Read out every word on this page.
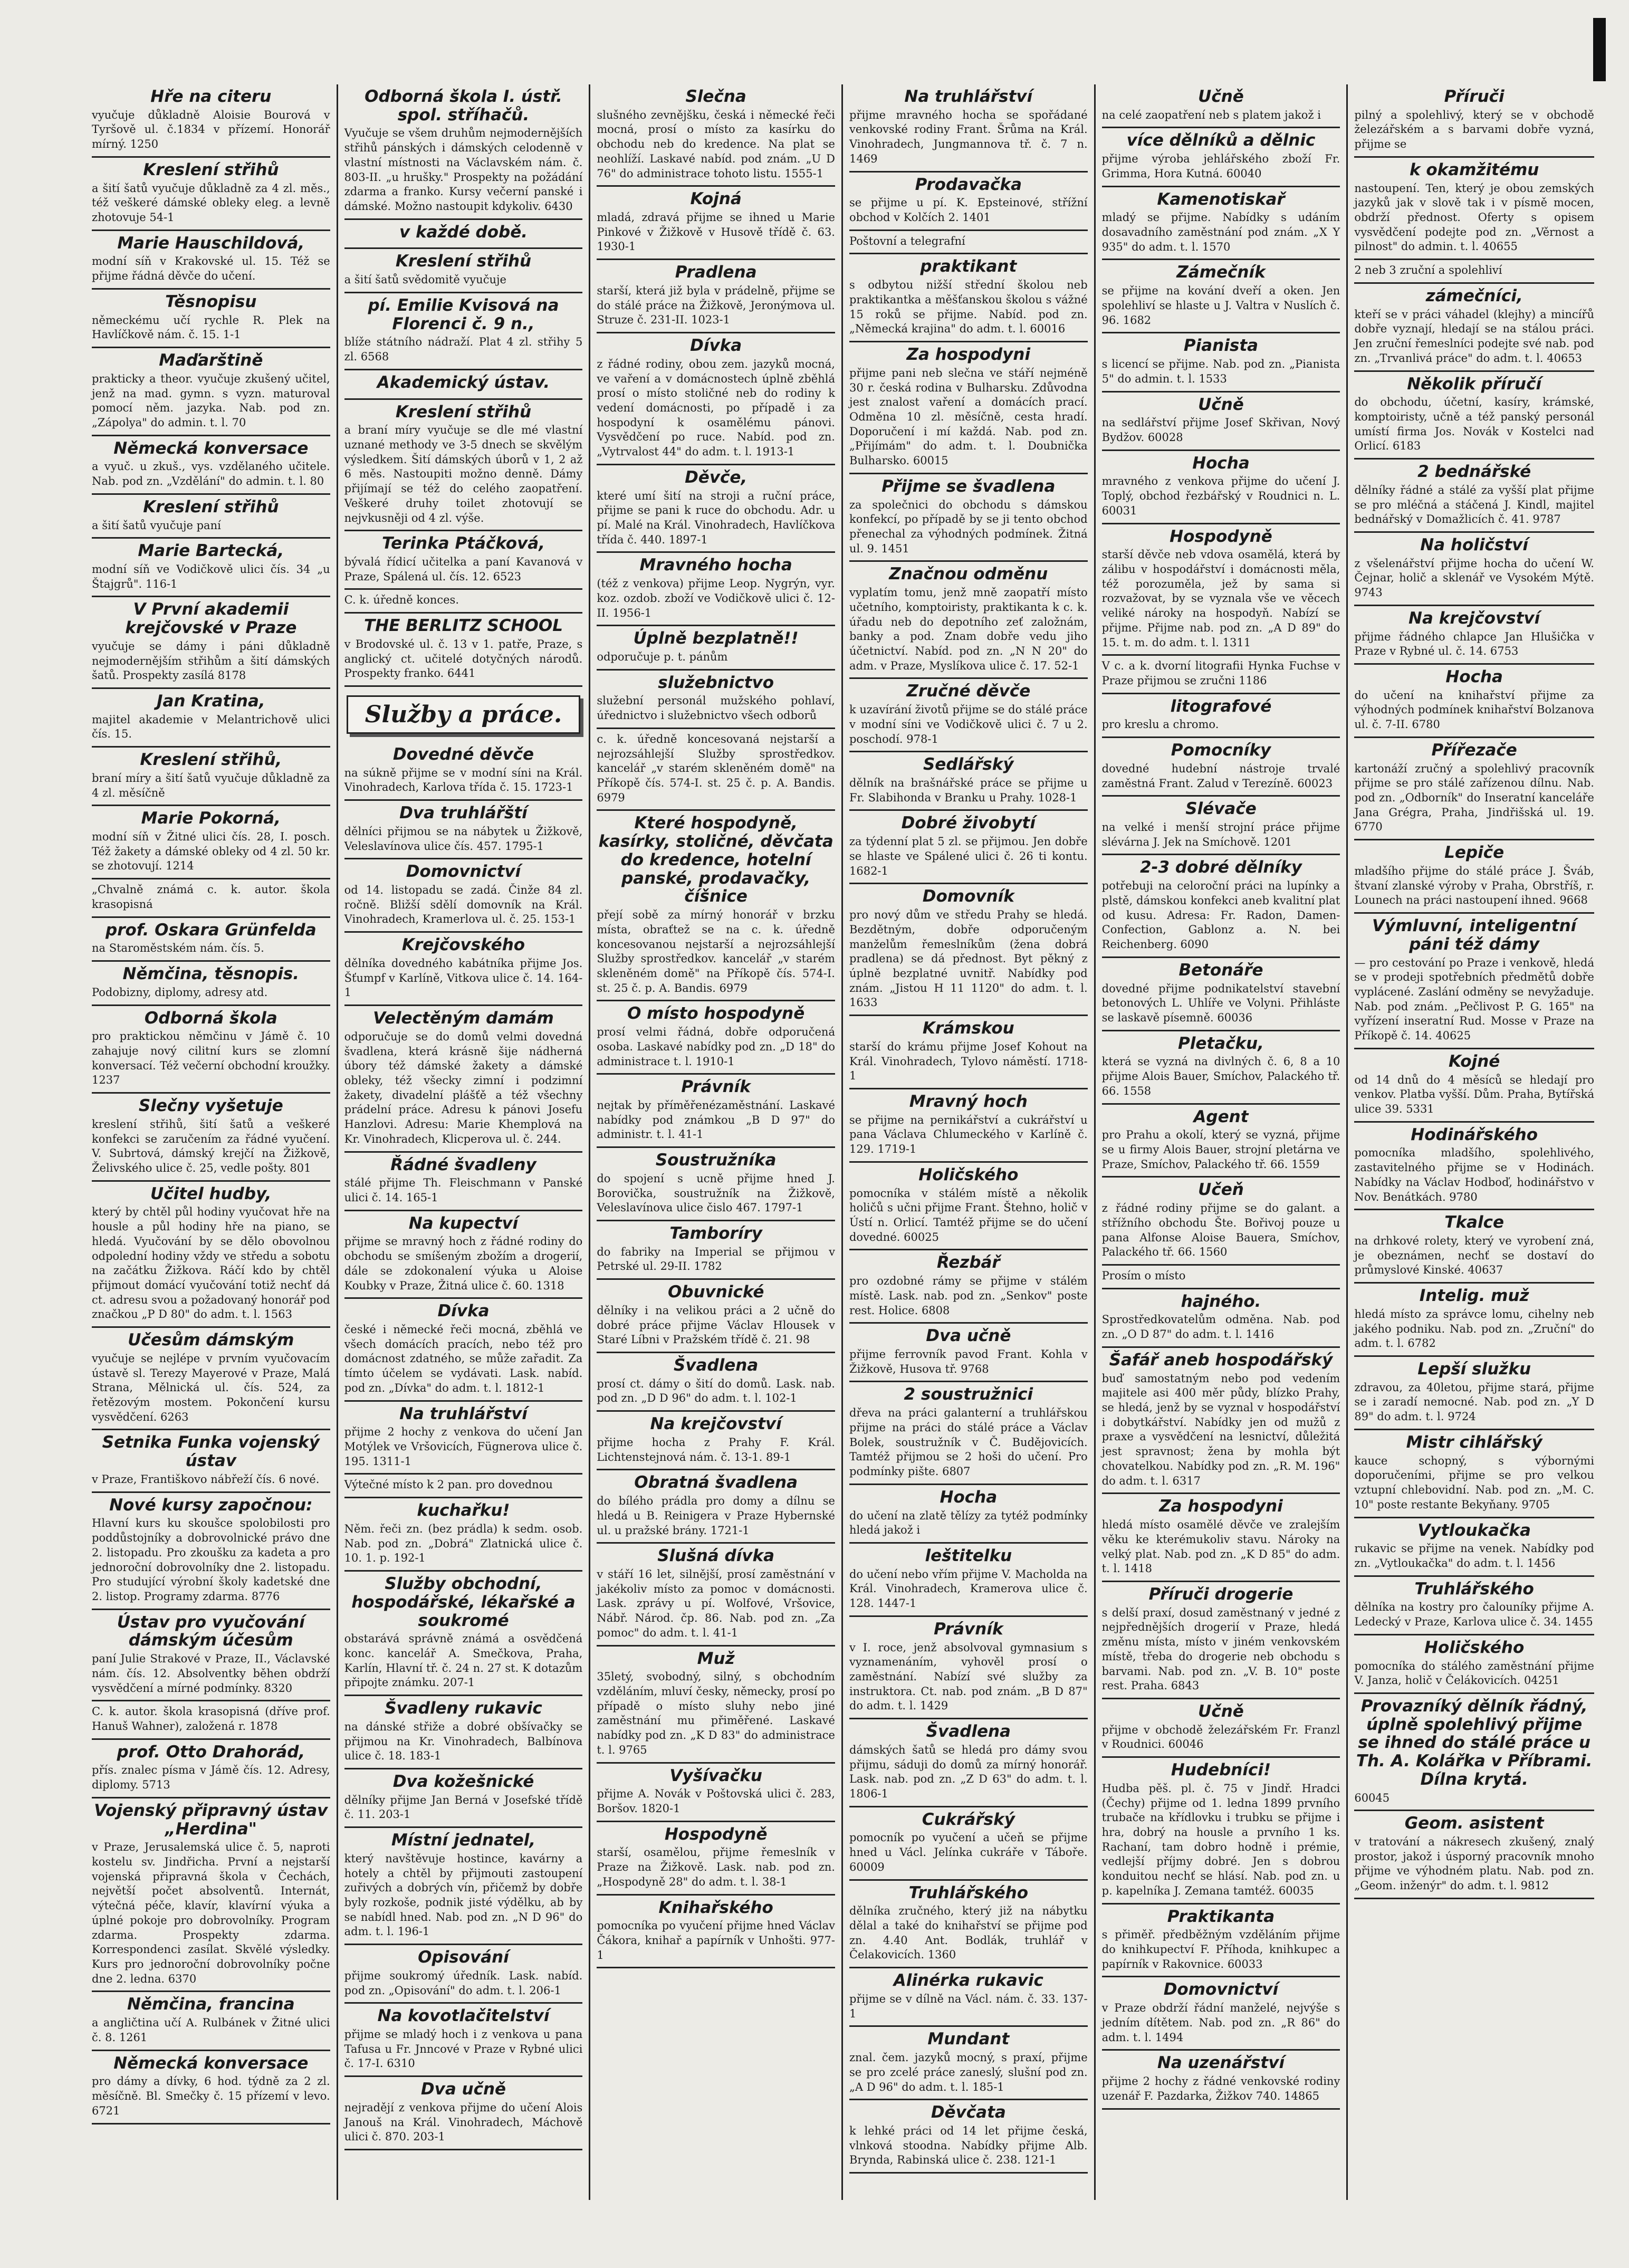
Hře na citeru

vyučuje důkladně Aloisie Bourová v Tyršově ul. č.1834 v přízemí. Honorář mírný. 1250

Kreslení střihů

a šití šatů vyučuje důkladně za 4 zl. měs., též veškeré dámské obleky eleg. a levně zhotovuje 54-1

Marie Hauschildová,

modní síň v Krakovské ul. 15. Též se přijme řádná děvče do učení.

Těsnopisu

německému učí rychle R. Plek na Havlíčkově nám. č. 15. 1-1

Maďarštině

prakticky a theor. vyučuje zkušený učitel, jenž na mad. gymn. s vyzn. maturoval pomocí něm. jazyka. Nab. pod zn. „Zápolya" do admin. t. l. 70

Německá konversace

a vyuč. u zkuš., vys. vzdělaného učitele. Nab. pod zn. „Vzdělání" do admin. t. l. 80

Kreslení střihů

a šití šatů vyučuje paní

Marie Bartecká,

modní síň ve Vodičkově ulici čís. 34 „u Štajgrů". 116-1

V První akademii krejčovské v Praze

vyučuje se dámy i páni důkladně nejmodernějším střihům a šití dámských šatů. Prospekty zasílá 8178

Jan Kratina,

majitel akademie v Melantrichově ulici čís. 15.

Kreslení střihů,

braní míry a šití šatů vyučuje důkladně za 4 zl. měsíčně

Marie Pokorná,

modní síň v Žitné ulici čís. 28, I. posch. Též žakety a dámské obleky od 4 zl. 50 kr. se zhotovují. 1214

„Chvalně známá c. k. autor. škola krasopisná

prof. Oskara Grünfelda

na Staroměstském nám. čís. 5.

Němčina, těsnopis.

Podobizny, diplomy, adresy atd.

Odborná škola

pro praktickou němčinu v Jámě č. 10 zahajuje nový cilitní kurs se zlomní konversací. Též večerní obchodní kroužky. 1237

Slečny vyšetuje

kreslení střihů, šití šatů a veškeré konfekci se zaručením za řádné vyučení. V. Subrtová, dámský krejčí na Žižkově, Želivského ulice č. 25, vedle pošty. 801

Učitel hudby,

který by chtěl půl hodiny vyučovat hře na housle a půl hodiny hře na piano, se hledá. Vyučování by se dělo obovolnou odpolední hodiny vždy ve středu a sobotu na začátku Žižkova. Ráčí kdo by chtěl přijmout domácí vyučování totiž nechť dá ct. adresu svou a požadovaný honorář pod značkou „P D 80" do adm. t. l. 1563

Učesům dámským

vyučuje se nejlépe v prvním vyučovacím ústavě sl. Terezy Mayerové v Praze, Malá Strana, Mělnická ul. čís. 524, za řetězovým mostem. Pokončení kursu vysvědčení. 6263

Setnika Funka vojenský ústav

v Praze, Františkovo nábřeží čís. 6 nové.

Nové kursy započnou:

Hlavní kurs ku skoušce spolobilosti pro poddůstojníky a dobrovolnické právo dne 2. listopadu. Pro zkoušku za kadeta a pro jednoroční dobrovolníky dne 2. listopadu. Pro studující výrobní školy kadetské dne 2. listop. Programy zdarma. 8776

Ústav pro vyučování dámským účesům

paní Julie Strakové v Praze, II., Václavské nám. čís. 12. Absolventky běhen obdrží vysvědčení a mírné podmínky. 8320

C. k. autor. škola krasopisná (dříve prof. Hanuš Wahner), založená r. 1878

prof. Otto Drahorád,

přís. znalec písma v Jámě čís. 12. Adresy, diplomy. 5713

Vojenský připravný ústav „Herdina"

v Praze, Jerusalemská ulice č. 5, naproti kostelu sv. Jindřicha. První a nejstarší vojenská připravná škola v Čechách, největší počet absolventů. Internát, výtečná péče, klavír, klavírní výuka a úplné pokoje pro dobrovolníky. Program zdarma. Prospekty zdarma. Korrespondenci zasílat. Skvělé výsledky. Kurs pro jednoroční dobrovolníky počne dne 2. ledna. 6370

Němčina, francina

a angličtina učí A. Rulbánek v Žitné ulici č. 8. 1261

Německá konversace

pro dámy a dívky, 6 hod. týdně za 2 zl. měsíčně. Bl. Smečky č. 15 přízemí v levo. 6721

Odborná škola I. ústř. spol. stříhačů.

Vyučuje se všem druhům nejmodernějších střihů pánských i dámských celodenně v vlastní místnosti na Václavském nám. č. 803-II. „u hrušky." Prospekty na požádání zdarma a franko. Kursy večerní panské i dámské. Možno nastoupit kdykoliv. 6430

v každé době.
Kreslení střihů

a šití šatů svědomitě vyučuje

pí. Emilie Kvisová na Florenci č. 9 n.,

blíže státního nádraží. Plat 4 zl. střihy 5 zl. 6568

Akademický ústav.
Kreslení střihů

a braní míry vyučuje se dle mé vlastní uznané methody ve 3-5 dnech se skvělým výsledkem. Šití dámských úborů v 1, 2 až 6 měs. Nastoupiti možno denně. Dámy přijímají se též do celého zaopatření. Veškeré druhy toilet zhotovují se nejvkusněji od 4 zl. výše.

Terinka Ptáčková,

bývalá řídicí učitelka a paní Kavanová v Praze, Spálená ul. čís. 12. 6523

C. k. úředně konces.

THE BERLITZ SCHOOL

v Brodovské ul. č. 13 v 1. patře, Praze, s anglický ct. učitelé dotyčných národů. Prospekty franko. 6441

Služby a práce.
Dovedné děvče

na súkně přijme se v modní síni na Král. Vinohradech, Karlova třída č. 15. 1723-1

Dva truhlářští

dělníci přijmou se na nábytek u Žižkově, Veleslavínova ulice čís. 457. 1795-1

Domovnictví

od 14. listopadu se zadá. Činže 84 zl. ročně. Bližší sdělí domovník na Král. Vinohradech, Kramerlova ul. č. 25. 153-1

Krejčovského

dělníka dovedného kabátníka přijme Jos. Šťumpf v Karlíně, Vitkova ulice č. 14. 164-1

Velectěným damám

odporučuje se do domů velmi dovedná švadlena, která krásně šije nádherná úbory též dámské žakety a dámské obleky, též všecky zimní i podzimní žakety, divadelní plášťě a též všechny prádelní práce. Adresu k pánovi Josefu Hanzlovi. Adresu: Marie Khemplová na Kr. Vinohradech, Klicperova ul. č. 244.

Řádné švadleny

stálé přijme Th. Fleischmann v Panské ulici č. 14. 165-1

Na kupectví

přijme se mravný hoch z řádné rodiny do obchodu se smíšeným zbožím a drogerií, dále se zdokonalení výuka u Aloise Koubky v Praze, Žitná ulice č. 60. 1318

Dívka

české i německé řeči mocná, zběhlá ve všech domácích pracích, nebo též pro domácnost zdatného, se může zařadit. Za tímto účelem se vydávati. Lask. nabíd. pod zn. „Dívka" do adm. t. l. 1812-1

Na truhlářství

přijme 2 hochy z venkova do učení Jan Motýlek ve Vršovicích, Fügnerova ulice č. 195. 1311-1

Výtečné místo k 2 pan. pro dovednou

kuchařku!

Něm. řeči zn. (bez prádla) k sedm. osob. Nab. pod zn. „Dobrá" Zlatnická ulice č. 10. 1. p. 192-1

Služby obchodní, hospodářské, lékařské a soukromé

obstarává správně známá a osvědčená konc. kancelář A. Smečkova, Praha, Karlín, Hlavní tř. č. 24 n. 27 st. K dotazům připojte známku. 207-1

Švadleny rukavic

na dánské střiže a dobré obšívačky se přijmou na Kr. Vinohradech, Balbínova ulice č. 18. 183-1

Dva kožešnické

dělníky přijme Jan Berná v Josefské třídě č. 11. 203-1

Místní jednatel,

který navštěvuje hostince, kavárny a hotely a chtěl by přijmouti zastoupení zuřivých a dobrých vín, přičemž by dobře byly rozkoše, podnik jisté výdělku, ab by se nabídl hned. Nab. pod zn. „N D 96" do adm. t. l. 196-1

Opisování

přijme soukromý úředník. Lask. nabíd. pod zn. „Opisování" do adm. t. l. 206-1

Na kovotlačitelství

přijme se mladý hoch i z venkova u pana Tafusa u Fr. Jnncové v Praze v Rybné ulici č. 17-I. 6310

Dva učně

nejradějí z venkova přijme do učení Alois Janouš na Král. Vinohradech, Máchově ulici č. 870. 203-1

Slečna

slušného zevnějšku, česká i německé řeči mocná, prosí o místo za kasírku do obchodu neb do kredence. Na plat se neohlíží. Laskavé nabíd. pod znám. „U D 76" do administrace tohoto listu. 1555-1

Kojná

mladá, zdravá přijme se ihned u Marie Pinkové v Žižkově v Husově třídě č. 63. 1930-1

Pradlena

starší, která již byla v prádelně, přijme se do stálé práce na Žižkově, Jeronýmova ul. Struze č. 231-II. 1023-1

Dívka

z řádné rodiny, obou zem. jazyků mocná, ve vaření a v domácnostech úplně zběhlá prosí o místo stoličné neb do rodiny k vedení domácnosti, po případě i za hospodyní k osamělému pánovi. Vysvědčení po ruce. Nabíd. pod zn. „Vytrvalost 44" do adm. t. l. 1913-1

Děvče,

které umí šití na stroji a ruční práce, přijme se pani k ruce do obchodu. Adr. u pí. Malé na Král. Vinohradech, Havlíčkova třída č. 440. 1897-1

Mravného hocha

(též z venkova) přijme Leop. Nygrýn, vyr. koz. ozdob. zboží ve Vodičkově ulici č. 12-II. 1956-1

Úplně bezplatně!!

odporučuje p. t. pánům

služebnictvo

služební personál mužského pohlaví, úřednictvo i služebnictvo všech odborů

c. k. úředně koncesovaná nejstarší a nejrozsáhlejší Služby sprostředkov. kancelář „v starém skleněném domě" na Příkopě čís. 574-I. st. 25 č. p. A. Bandis. 6979

Které hospodyně, kasírky, stoličné, děvčata do kredence, hotelní panské, prodavačky, číšnice

přejí sobě za mírný honorář v brzku místa, obraťtež se na c. k. úředně koncesovanou nejstarší a nejrozsáhlejší Služby sprostředkov. kancelář „v starém skleněném domě" na Příkopě čís. 574-I. st. 25 č. p. A. Bandis. 6979

O místo hospodyně

prosí velmi řádná, dobře odporučená osoba. Laskavé nabídky pod zn. „D 18" do administrace t. l. 1910-1

Právník

nejtak by příměřenézaměstnání. Laskavé nabídky pod známkou „B D 97" do administr. t. l. 41-1

Soustružníka

do spojení s ucně přijme hned J. Borovička, soustružník na Žižkově, Veleslavínova ulice čislo 467. 1797-1

Tamboríry

do fabriky na Imperial se přijmou v Petrské ul. 29-II. 1782

Obuvnické

dělníky i na velikou práci a 2 učně do dobré práce přijme Václav Hlousek v Staré Líbni v Pražském třídě č. 21. 98

Švadlena

prosí ct. dámy o šití do domů. Lask. nab. pod zn. „D D 96" do adm. t. l. 102-1

Na krejčovství

přijme hocha z Prahy F. Král. Lichtenstejnová nám. č. 13-1. 89-1

Obratná švadlena

do bílého prádla pro domy a dílnu se hledá u B. Reinigera v Praze Hybernské ul. u pražské brány. 1721-1

Slušná dívka

v stáří 16 let, silnější, prosí zaměstnání v jakékoliv místo za pomoc v domácnosti. Lask. zprávy u pí. Wolfové, Vršovice, Nábř. Národ. čp. 86. Nab. pod zn. „Za pomoc" do adm. t. l. 41-1

Muž

35letý, svobodný, silný, s obchodním vzděláním, mluví česky, německy, prosí po případě o místo sluhy nebo jiné zaměstnání mu přiměřené. Laskavé nabídky pod zn. „K D 83" do administrace t. l. 9765

Vyšívačku

přijme A. Novák v Poštovská ulici č. 283, Boršov. 1820-1

Hospodyně

starší, osamělou, přijme řemeslník v Praze na Žižkově. Lask. nab. pod zn. „Hospodyně 28" do adm. t. l. 38-1

Knihařského

pomocníka po vyučení přijme hned Václav Čákora, knihař a papírník v Unhošti. 977-1

Na truhlářství

přijme mravného hocha se spořádané venkovské rodiny Frant. Šrůma na Král. Vinohradech, Jungmannova tř. č. 7 n. 1469

Prodavačka

se přijme u pí. K. Epsteinové, střížní obchod v Kolčích 2. 1401

Poštovní a telegrafní

praktikant

s odbytou nižší střední školou neb praktikantka a měšťanskou školou s vážné 15 roků se přijme. Nabíd. pod zn. „Německá krajina" do adm. t. l. 60016

Za hospodyni

přijme pani neb slečna ve stáří nejméně 30 r. česká rodina v Bulharsku. Zdůvodna jest znalost vaření a domácích prací. Odměna 10 zl. měsíčně, cesta hradí. Doporučení i mí každá. Nab. pod zn. „Přijímám" do adm. t. l. Doubnička Bulharsko. 60015

Přijme se švadlena

za společnici do obchodu s dámskou konfekcí, po případě by se ji tento obchod přenechal za výhodných podmínek. Žitná ul. 9. 1451

Značnou odměnu

vyplatím tomu, jenž mně zaopatří místo učetního, komptoiristy, praktikanta k c. k. úřadu neb do depotního zeť založnám, banky a pod. Znam dobře vedu jiho účetnictví. Nabíd. pod zn. „N N 20" do adm. v Praze, Myslíkova ulice č. 17. 52-1

Zručné děvče

k uzavírání životů přijme se do stálé práce v modní síni ve Vodičkově ulici č. 7 u 2. poschodí. 978-1

Sedlářský

dělník na brašnářské práce se přijme u Fr. Slabihonda v Branku u Prahy. 1028-1

Dobré živobytí

za týdenní plat 5 zl. se přijmou. Jen dobře se hlaste ve Spálené ulici č. 26 ti kontu. 1682-1

Domovník

pro nový dům ve středu Prahy se hledá. Bezdětným, dobře odporučeným manželům řemeslníkům (žena dobrá pradlena) se dá přednost. Byt pěkný z úplně bezplatné uvnitř. Nabídky pod znám. „Jistou H 11 1120" do adm. t. l. 1633

Krámskou

starší do krámu přijme Josef Kohout na Král. Vinohradech, Tylovo náměstí. 1718-1

Mravný hoch

se přijme na pernikářství a cukrářství u pana Václava Chlumeckého v Karlíně č. 129. 1719-1

Holičského

pomocníka v stálém místě a několik holičů s učni přijme Frant. Štehno, holič v Ústí n. Orlicí. Tamtéž přijme se do učení dovedné. 60025

Řezbář

pro ozdobné rámy se přijme v stálém místě. Lask. nab. pod zn. „Senkov" poste rest. Holice. 6808

Dva učně

přijme ferrovník pavod Frant. Kohla v Žižkově, Husova tř. 9768

2 soustružnici

dřeva na práci galanterní a truhlářskou přijme na práci do stálé práce a Václav Bolek, soustružník v Č. Budějovicích. Tamtéž přijmou se 2 hoši do učení. Pro podmínky pište. 6807

Hocha

do učení na zlatě tělízy za tytéž podmínky hledá jakož i

leštitelku

do učení nebo vřím přijme V. Macholda na Král. Vinohradech, Kramerova ulice č. 128. 1447-1

Právník

v I. roce, jenž absolvoval gymnasium s vyznamenáním, vyhověl prosí o zaměstnání. Nabízí své služby za instruktora. Ct. nab. pod znám. „B D 87" do adm. t. l. 1429

Švadlena

dámských šatů se hledá pro dámy svou přijmu, sáduji do domů za mírný honorář. Lask. nab. pod zn. „Z D 63" do adm. t. l. 1806-1

Cukrářský

pomocník po vyučení a učeň se přijme hned u Václ. Jelínka cukráře v Táboře. 60009

Truhlářského

dělníka zručného, který již na nábytku dělal a také do knihařství se přijme pod zn. 4.40 Ant. Bodlák, truhlář v Čelakovicích. 1360

Alinérka rukavic

přijme se v dílně na Václ. nám. č. 33. 137-1

Mundant

znal. čem. jazyků mocný, s praxí, přijme se pro zcelé práce zaneslý, slušní pod zn. „A D 96" do adm. t. l. 185-1

Děvčata

k lehké práci od 14 let přijme česká, vlnková stoodna. Nabídky přijme Alb. Brynda, Rabinská ulice č. 238. 121-1

Učně

na celé zaopatření neb s platem jakož i

více dělníků a dělnic

přijme výroba jehlářského zboží Fr. Grimma, Hora Kutná. 60040

Kamenotiskař

mladý se přijme. Nabídky s udáním dosavadního zaměstnání pod znám. „X Y 935" do adm. t. l. 1570

Zámečník

se přijme na kování dveří a oken. Jen spolehliví se hlaste u J. Valtra v Nuslích č. 96. 1682

Pianista

s licencí se přijme. Nab. pod zn. „Pianista 5" do admin. t. l. 1533

Učně

na sedlářství přijme Josef Skřivan, Nový Bydžov. 60028

Hocha

mravného z venkova přijme do učení J. Toplý, obchod řezbářský v Roudnici n. L. 60031

Hospodyně

starší děvče neb vdova osamělá, která by zálibu v hospodářství i domácnosti měla, též porozuměla, jež by sama si rozvažovat, by se vyznala vše ve věcech veliké nároky na hospodyň. Nabízí se přijme. Přijme nab. pod zn. „A D 89" do 15. t. m. do adm. t. l. 1311

V c. a k. dvorní litografii Hynka Fuchse v Praze přijmou se zručni 1186

litografové

pro kreslu a chromo.

Pomocníky

dovedné hudební nástroje trvalé zaměstná Frant. Zalud v Terezíně. 60023

Slévače

na velké i menší strojní práce přijme slévárna J. Jek na Smíchově. 1201

2-3 dobré dělníky

potřebuji na celoroční práci na lupínky a plstě, dámskou konfekci aneb kvalitní plat od kusu. Adresa: Fr. Radon, Damen-Confection, Gablonz a. N. bei Reichenberg. 6090

Betonáře

dovedné přijme podnikatelství stavební betonových L. Uhlíře ve Volyni. Přihláste se laskavě písemně. 60036

Pletačku,

která se vyzná na divlných č. 6, 8 a 10 přijme Alois Bauer, Smíchov, Palackého tř. 66. 1558

Agent

pro Prahu a okolí, který se vyzná, přijme se u firmy Alois Bauer, strojní pletárna ve Praze, Smíchov, Palackého tř. 66. 1559

Učeň

z řádné rodiny přijme se do galant. a střížního obchodu Šte. Bořivoj pouze u pana Alfonse Aloise Bauera, Smíchov, Palackého tř. 66. 1560

Prosím o místo

hajného.

Sprostředkovatelům odměna. Nab. pod zn. „O D 87" do adm. t. l. 1416

Šafář aneb hospodářský

buď samostatným nebo pod vedením majitele asi 400 měr půdy, blízko Prahy, se hledá, jenž by se vyznal v hospodářství i dobytkářství. Nabídky jen od mužů z praxe a vysvědčení na lesnictví, důležitá jest spravnost; žena by mohla být chovatelkou. Nabídky pod zn. „R. M. 196" do adm. t. l. 6317

Za hospodyni

hledá místo osamělé děvče ve zralejším věku ke kterémukoliv stavu. Nároky na velký plat. Nab. pod zn. „K D 85" do adm. t. l. 1418

Příruči drogerie

s delší praxí, dosud zaměstnaný v jedné z nejpřednějších drogerií v Praze, hledá změnu místa, místo v jiném venkovském místě, třeba do drogerie neb obchodu s barvami. Nab. pod zn. „V. B. 10" poste rest. Praha. 6843

Učně

přijme v obchodě železářském Fr. Franzl v Roudnici. 60046

Hudebníci!

Hudba pěš. pl. č. 75 v Jindř. Hradci (Čechy) přijme od 1. ledna 1899 prvního trubače na křídlovku i trubku se přijme i hra, dobrý na housle a prvního 1 ks. Rachaní, tam dobro hodně i prémie, vedlejší příjmy dobré. Jen s dobrou konduitou nechť se hlásí. Nab. pod zn. u p. kapelníka J. Zemana tamtéž. 60035

Praktikanta

s přiměř. předběžným vzděláním přijme do knihkupectví F. Příhoda, knihkupec a papírník v Rakovnice. 60033

Domovnictví

v Praze obdrží řádní manželé, nejvýše s jedním dítětem. Nab. pod zn. „R 86" do adm. t. l. 1494

Na uzenářství

přijme 2 hochy z řádné venkovské rodiny uzenář F. Pazdarka, Žižkov 740. 14865

Příruči

pilný a spolehlivý, který se v obchodě železářském a s barvami dobře vyzná, přijme se

k okamžitému

nastoupení. Ten, který je obou zemských jazyků jak v slově tak i v písmě mocen, obdrží přednost. Oferty s opisem vysvědčení podejte pod zn. „Věrnost a pilnost" do admin. t. l. 40655

2 neb 3 zruční a spolehliví

zámečníci,

kteří se v práci váhadel (klejhy) a mincířů dobře vyznají, hledají se na stálou práci. Jen zruční řemeslníci podejte své nab. pod zn. „Trvanlivá práce" do adm. t. l. 40653

Několik příručí

do obchodu, účetní, kasíry, krámské, komptoiristy, učně a též panský personál umístí firma Jos. Novák v Kostelci nad Orlicí. 6183

2 bednářské

dělníky řádné a stálé za vyšší plat přijme se pro mléčná a stáčená J. Kindl, majitel bednářský v Domažlicích č. 41. 9787

Na holičství

z všelenářství přijme hocha do učení W. Čejnar, holič a sklenář ve Vysokém Mýtě. 9743

Na krejčovství

přijme řádného chlapce Jan Hlušička v Praze v Rybné ul. č. 14. 6753

Hocha

do učení na knihařství přijme za výhodných podmínek knihařství Bolzanova ul. č. 7-II. 6780

Přířezače

kartonáží zručný a spolehlivý pracovník přijme se pro stálé zařízenou dílnu. Nab. pod zn. „Odborník" do Inseratní kanceláře Jana Grégra, Praha, Jindřišská ul. 19. 6770

Lepiče

mladšího přijme do stálé práce J. Šváb, štvaní zlanské výroby v Praha, Obrstříš, r. Lounech na práci nastoupení ihned. 9668

Výmluvní, inteligentní páni též dámy

— pro cestování po Praze i venkově, hledá se v prodeji spotřebních předmětů dobře vyplácené. Zaslání odměny se nevyžaduje. Nab. pod znám. „Pečlivost P. G. 165" na vyřízení inseratní Rud. Mosse v Praze na Příkopě č. 14. 40625

Kojné

od 14 dnů do 4 měsíců se hledají pro venkov. Platba vyšší. Dům. Praha, Bytířská ulice 39. 5331

Hodinářského

pomocníka mladšího, spolehlivého, zastavitelného přijme se v Hodinách. Nabídky na Václav Hodboď, hodinářstvo v Nov. Benátkách. 9780

Tkalce

na drhkové rolety, který ve vyrobení zná, je obeznámen, nechť se dostaví do průmyslové Kinské. 40637

Intelig. muž

hledá místo za správce lomu, cihelny neb jakého podniku. Nab. pod zn. „Zruční" do adm. t. l. 6782

Lepší služku

zdravou, za 40letou, přijme stará, přijme se i zaradí nemocné. Nab. pod zn. „Y D 89" do adm. t. l. 9724

Mistr cihlářský

kauce schopný, s výbornými doporučeními, přijme se pro velkou vztupní chlebovidní. Nab. pod zn. „M. C. 10" poste restante Bekyňany. 9705

Vytloukačka

rukavic se přijme na venek. Nabídky pod zn. „Vytloukačka" do adm. t. l. 1456

Truhlářského

dělníka na kostry pro čalouníky přijme A. Ledecký v Praze, Karlova ulice č. 34. 1455

Holičského

pomocníka do stálého zaměstnání přijme V. Janza, holič v Čelákovicích. 04251

Provazníký dělník řádný, úplně spolehlivý přijme se ihned do stálé práce u Th. A. Kolářka v Příbrami. Dílna krytá.

60045

Geom. asistent

v tratování a nákresech zkušený, znalý prostor, jakož i úsporný pracovník mnoho přijme ve výhodném platu. Nab. pod zn. „Geom. inženýr" do adm. t. l. 9812
